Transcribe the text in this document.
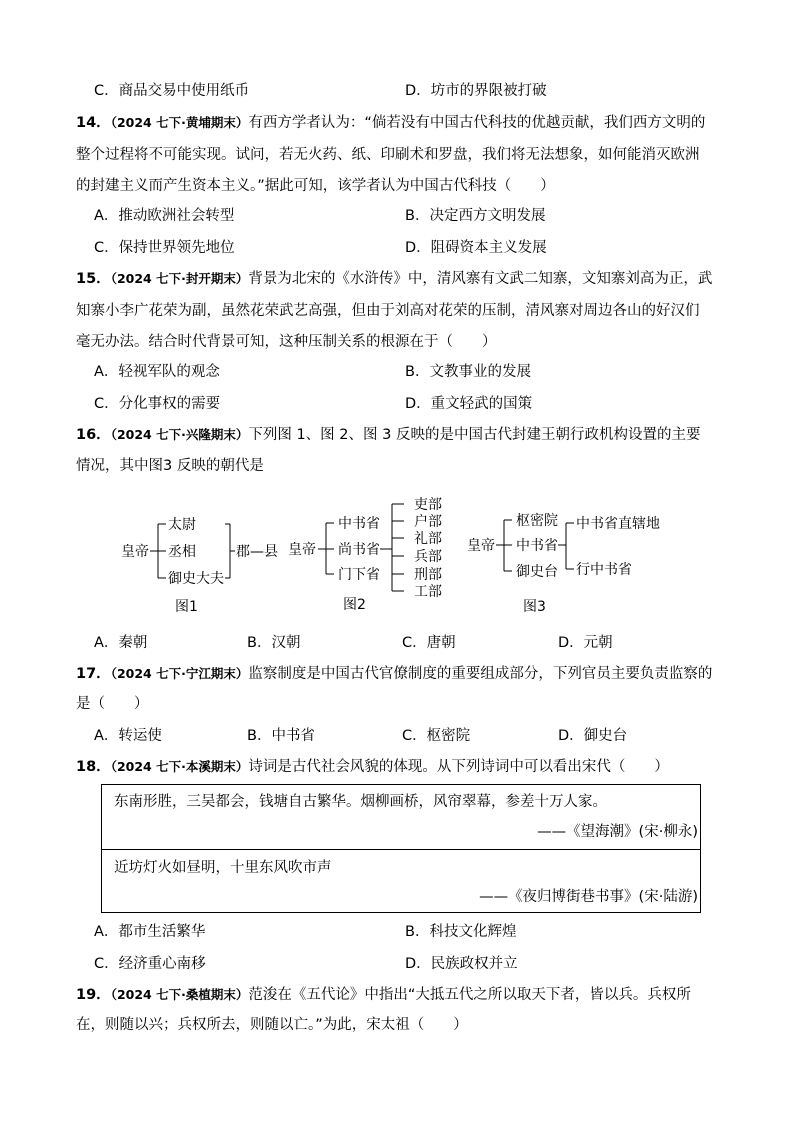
C．商品交易中使用纸币	D．坊市的界限被打破
14．（2024 七下·黄埔期末）有西方学者认为：“倘若没有中国古代科技的优越贡献，我们西方文明的
整个过程将不可能实现。试问，若无火药、纸、印刷术和罗盘，我们将无法想象，如何能消灭欧洲
的封建主义而产生资本主义。”据此可知，该学者认为中国古代科技（　　）
A．推动欧洲社会转型	B．决定西方文明发展
C．保持世界领先地位	D．阻碍资本主义发展
15．（2024 七下·封开期末）背景为北宋的《水浒传》中，清风寨有文武二知寨，文知寨刘高为正，武
知寨小李广花荣为副，虽然花荣武艺高强，但由于刘高对花荣的压制，清风寨对周边各山的好汉们
毫无办法。结合时代背景可知，这种压制关系的根源在于（　　）
A．轻视军队的观念	B．文教事业的发展
C．分化事权的需要	D．重文轻武的国策
16．（2024 七下·兴隆期末）下列图 1、图 2、图 3 反映的是中国古代封建王朝行政机构设置的主要
情况，其中图3 反映的朝代是
皇帝
太尉
丞相
御史大夫
郡—县
图1
皇帝
中书省
尚书省
门下省
吏部
户部
礼部
兵部
刑部
工部
图2
皇帝
枢密院
中书省
御史台
中书省直辖地
行中书省
图3
A．秦朝	B．汉朝	C．唐朝	D．元朝
17．（2024 七下·宁江期末）监察制度是中国古代官僚制度的重要组成部分，下列官员主要负责监察的
是（　　）
A．转运使	B．中书省	C．枢密院	D．御史台
18．（2024 七下·本溪期末）诗词是古代社会风貌的体现。从下列诗词中可以看出宋代（　　）
东南形胜，三吴都会，钱塘自古繁华。烟柳画桥，风帘翠幕，参差十万人家。
——《望海潮》(宋·柳永)
近坊灯火如昼明，十里东风吹市声
——《夜归博街巷书事》(宋·陆游)
A．都市生活繁华	B．科技文化辉煌
C．经济重心南移	D．民族政权并立
19．（2024 七下·桑植期末）范浚在《五代论》中指出“大抵五代之所以取天下者，皆以兵。兵权所
在，则随以兴；兵权所去，则随以亡。”为此，宋太祖（　　）
